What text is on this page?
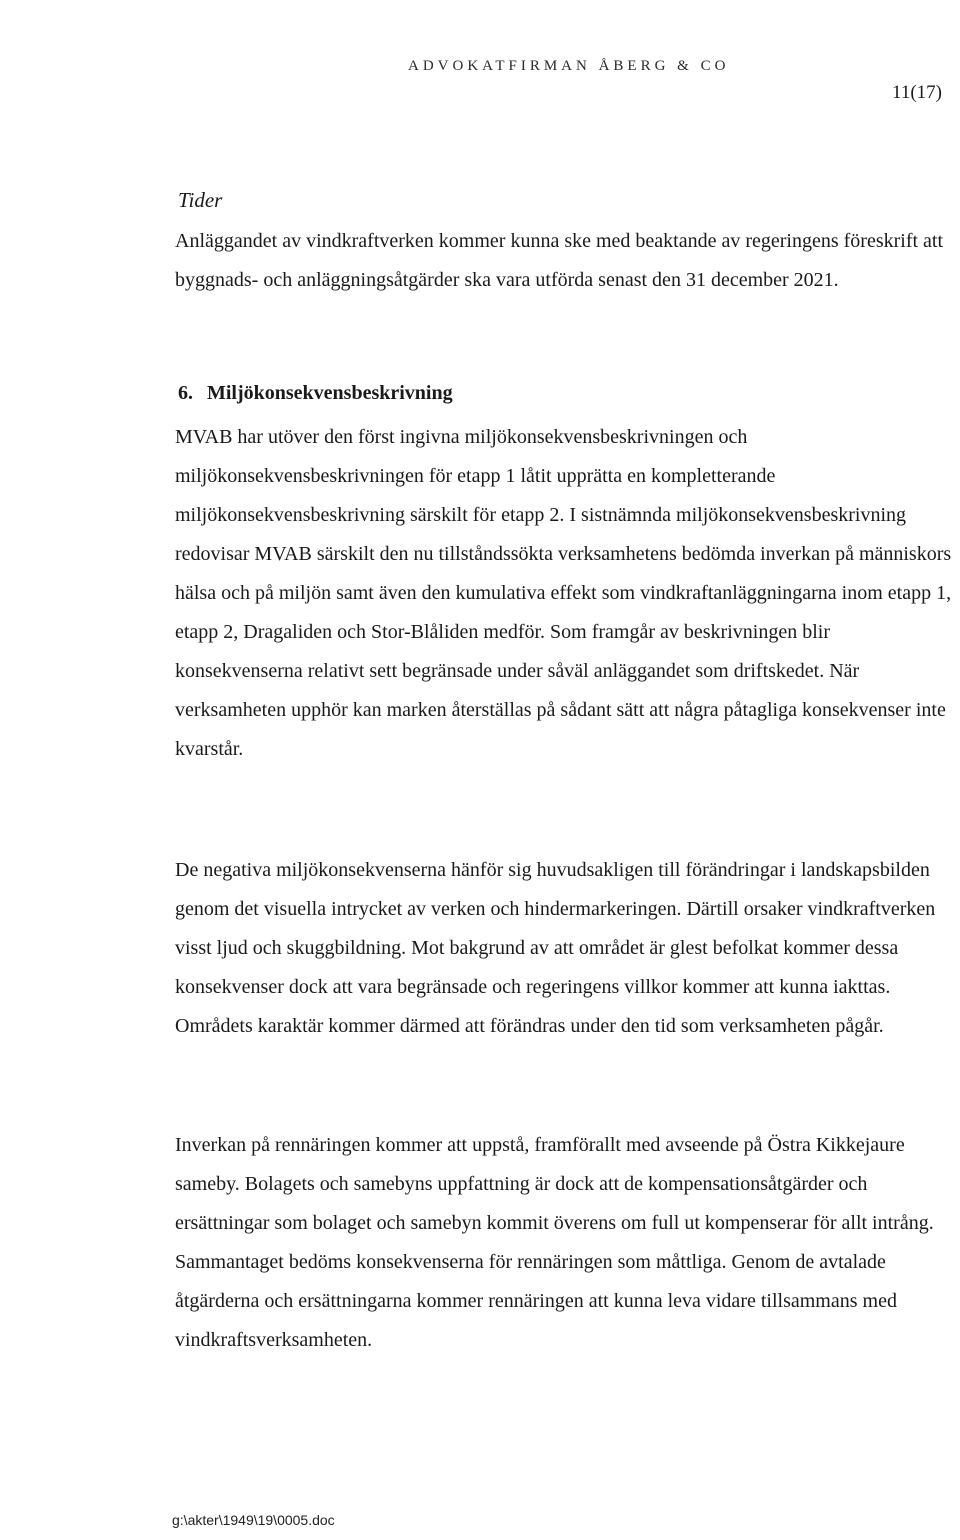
ADVOKATFIRMAN ÅBERG & CO
11(17)
Tider

Anläggandet av vindkraftverken kommer kunna ske med beaktande av regeringens föreskrift att byggnads- och anläggningsåtgärder ska vara utförda senast den 31 december 2021.

6. Miljökonsekvensbeskrivning

MVAB har utöver den först ingivna miljökonsekvensbeskrivningen och miljökonsekvensbeskrivningen för etapp 1 låtit upprätta en kompletterande miljökonsekvensbeskrivning särskilt för etapp 2. I sistnämnda miljökonsekvensbeskrivning redovisar MVAB särskilt den nu tillståndssökta verksamhetens bedömda inverkan på människors hälsa och på miljön samt även den kumulativa effekt som vindkraftanläggningarna inom etapp 1, etapp 2, Dragaliden och Stor-Blåliden medför. Som framgår av beskrivningen blir konsekvenserna relativt sett begränsade under såväl anläggandet som driftskedet. När verksamheten upphör kan marken återställas på sådant sätt att några påtagliga konsekvenser inte kvarstår.

De negativa miljökonsekvenserna hänför sig huvudsakligen till förändringar i landskapsbilden genom det visuella intrycket av verken och hindermarkeringen. Därtill orsaker vindkraftverken visst ljud och skuggbildning. Mot bakgrund av att området är glest befolkat kommer dessa konsekvenser dock att vara begränsade och regeringens villkor kommer att kunna iakttas. Områdets karaktär kommer därmed att förändras under den tid som verksamheten pågår.

Inverkan på rennäringen kommer att uppstå, framförallt med avseende på Östra Kikkejaure sameby. Bolagets och samebyns uppfattning är dock att de kompensationsåtgärder och ersättningar som bolaget och samebyn kommit överens om full ut kompenserar för allt intrång. Sammantaget bedöms konsekvenserna för rennäringen som måttliga. Genom de avtalade åtgärderna och ersättningarna kommer rennäringen att kunna leva vidare tillsammans med vindkraftsverksamheten.

g:\akter\1949\19\0005.doc
